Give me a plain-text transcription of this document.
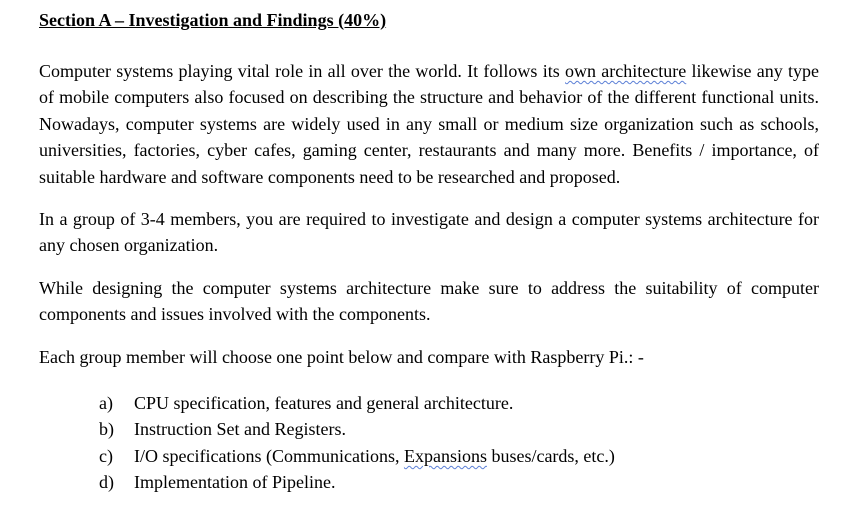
Section A – Investigation and Findings (40%)

Computer systems playing vital role in all over the world. It follows its own architecture likewise any type of mobile computers also focused on describing the structure and behavior of the different functional units. Nowadays, computer systems are widely used in any small or medium size organization such as schools, universities, factories, cyber cafes, gaming center, restaurants and many more. Benefits / importance, of suitable hardware and software components need to be researched and proposed.

In a group of 3-4 members, you are required to investigate and design a computer systems architecture for any chosen organization.

While designing the computer systems architecture make sure to address the suitability of computer components and issues involved with the components.

Each group member will choose one point below and compare with Raspberry Pi.: -

a)	CPU specification, features and general architecture.
b)	Instruction Set and Registers.
c)	I/O specifications (Communications, Expansions buses/cards, etc.)
d)	Implementation of Pipeline.
